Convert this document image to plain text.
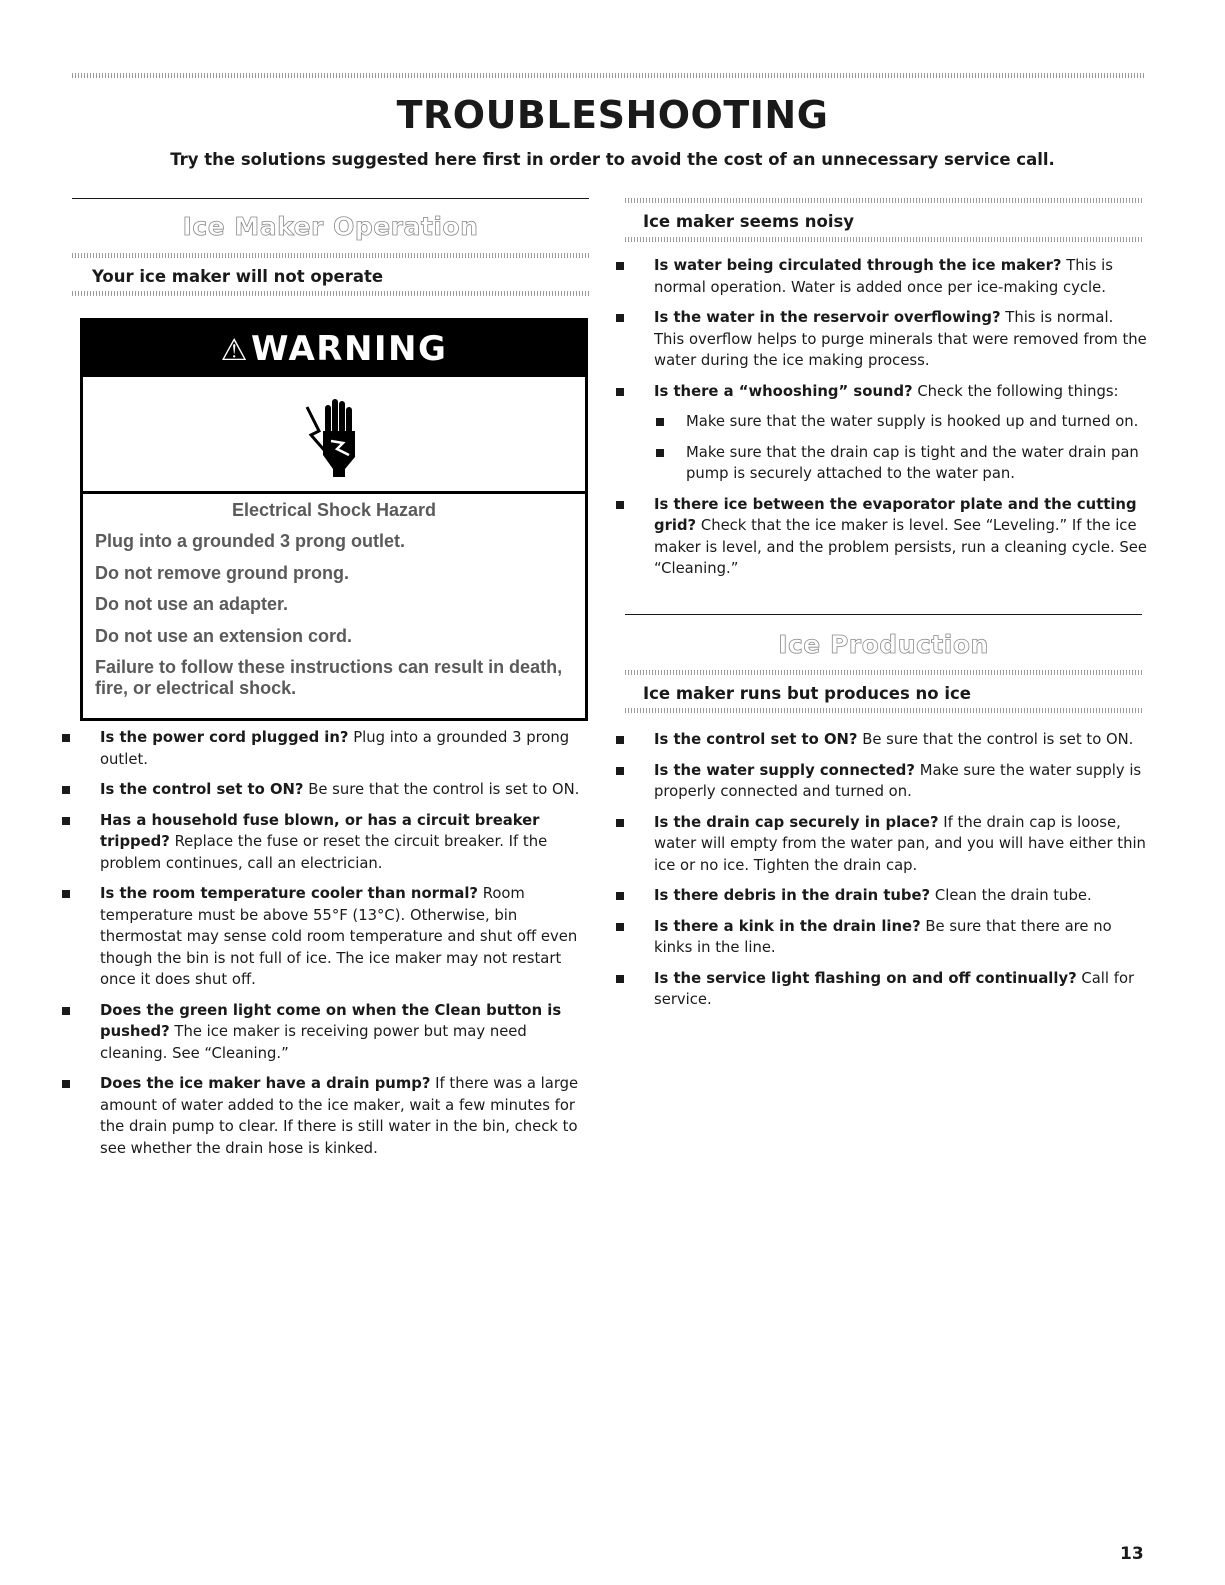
TROUBLESHOOTING

Try the solutions suggested here first in order to avoid the cost of an unnecessary service call.

Ice Maker Operation
Your ice maker will not operate
⚠WARNING
Electrical Shock Hazard
Plug into a grounded 3 prong outlet.
Do not remove ground prong.
Do not use an adapter.
Do not use an extension cord.
Failure to follow these instructions can result in death, fire, or electrical shock.
Is the power cord plugged in? Plug into a grounded 3 prong outlet.
Is the control set to ON? Be sure that the control is set to ON.
Has a household fuse blown, or has a circuit breaker tripped? Replace the fuse or reset the circuit breaker. If the problem continues, call an electrician.
Is the room temperature cooler than normal? Room temperature must be above 55°F (13°C). Otherwise, bin thermostat may sense cold room temperature and shut off even though the bin is not full of ice. The ice maker may not restart once it does shut off.
Does the green light come on when the Clean button is pushed? The ice maker is receiving power but may need cleaning. See “Cleaning.”
Does the ice maker have a drain pump? If there was a large amount of water added to the ice maker, wait a few minutes for the drain pump to clear. If there is still water in the bin, check to see whether the drain hose is kinked.
Ice maker seems noisy
Is water being circulated through the ice maker? This is normal operation. Water is added once per ice-making cycle.
Is the water in the reservoir overflowing? This is normal. This overflow helps to purge minerals that were removed from the water during the ice making process.
Is there a “whooshing” sound? Check the following things:
Make sure that the water supply is hooked up and turned on.
Make sure that the drain cap is tight and the water drain pan pump is securely attached to the water pan.
Is there ice between the evaporator plate and the cutting grid? Check that the ice maker is level. See “Leveling.” If the ice maker is level, and the problem persists, run a cleaning cycle. See “Cleaning.”
Ice Production
Ice maker runs but produces no ice
Is the control set to ON? Be sure that the control is set to ON.
Is the water supply connected? Make sure the water supply is properly connected and turned on.
Is the drain cap securely in place? If the drain cap is loose, water will empty from the water pan, and you will have either thin ice or no ice. Tighten the drain cap.
Is there debris in the drain tube? Clean the drain tube.
Is there a kink in the drain line? Be sure that there are no kinks in the line.
Is the service light flashing on and off continually? Call for service.

13
